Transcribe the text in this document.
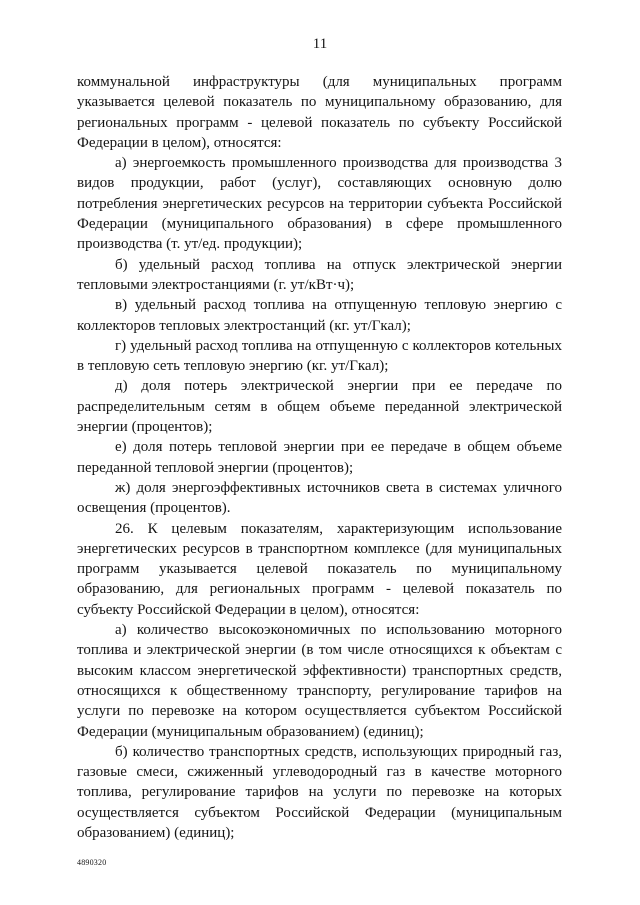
11

коммунальной инфраструктуры (для муниципальных программ указывается целевой показатель по муниципальному образованию, для региональных программ - целевой показатель по субъекту Российской Федерации в целом), относятся:

а) энергоемкость промышленного производства для производства 3 видов продукции, работ (услуг), составляющих основную долю потребления энергетических ресурсов на территории субъекта Российской Федерации (муниципального образования) в сфере промышленного производства (т. ут/ед. продукции);

б) удельный расход топлива на отпуск электрической энергии тепловыми электростанциями (г. ут/кВт·ч);

в) удельный расход топлива на отпущенную тепловую энергию с коллекторов тепловых электростанций (кг. ут/Гкал);

г) удельный расход топлива на отпущенную с коллекторов котельных в тепловую сеть тепловую энергию (кг. ут/Гкал);

д) доля потерь электрической энергии при ее передаче по распределительным сетям в общем объеме переданной электрической энергии (процентов);

е) доля потерь тепловой энергии при ее передаче в общем объеме переданной тепловой энергии (процентов);

ж) доля энергоэффективных источников света в системах уличного освещения (процентов).

26. К целевым показателям, характеризующим использование энергетических ресурсов в транспортном комплексе (для муниципальных программ указывается целевой показатель по муниципальному образованию, для региональных программ - целевой показатель по субъекту Российской Федерации в целом), относятся:

а) количество высокоэкономичных по использованию моторного топлива и электрической энергии (в том числе относящихся к объектам с высоким классом энергетической эффективности) транспортных средств, относящихся к общественному транспорту, регулирование тарифов на услуги по перевозке на котором осуществляется субъектом Российской Федерации (муниципальным образованием) (единиц);

б) количество транспортных средств, использующих природный газ, газовые смеси, сжиженный углеводородный газ в качестве моторного топлива, регулирование тарифов на услуги по перевозке на которых осуществляется субъектом Российской Федерации (муниципальным образованием) (единиц);

4890320
